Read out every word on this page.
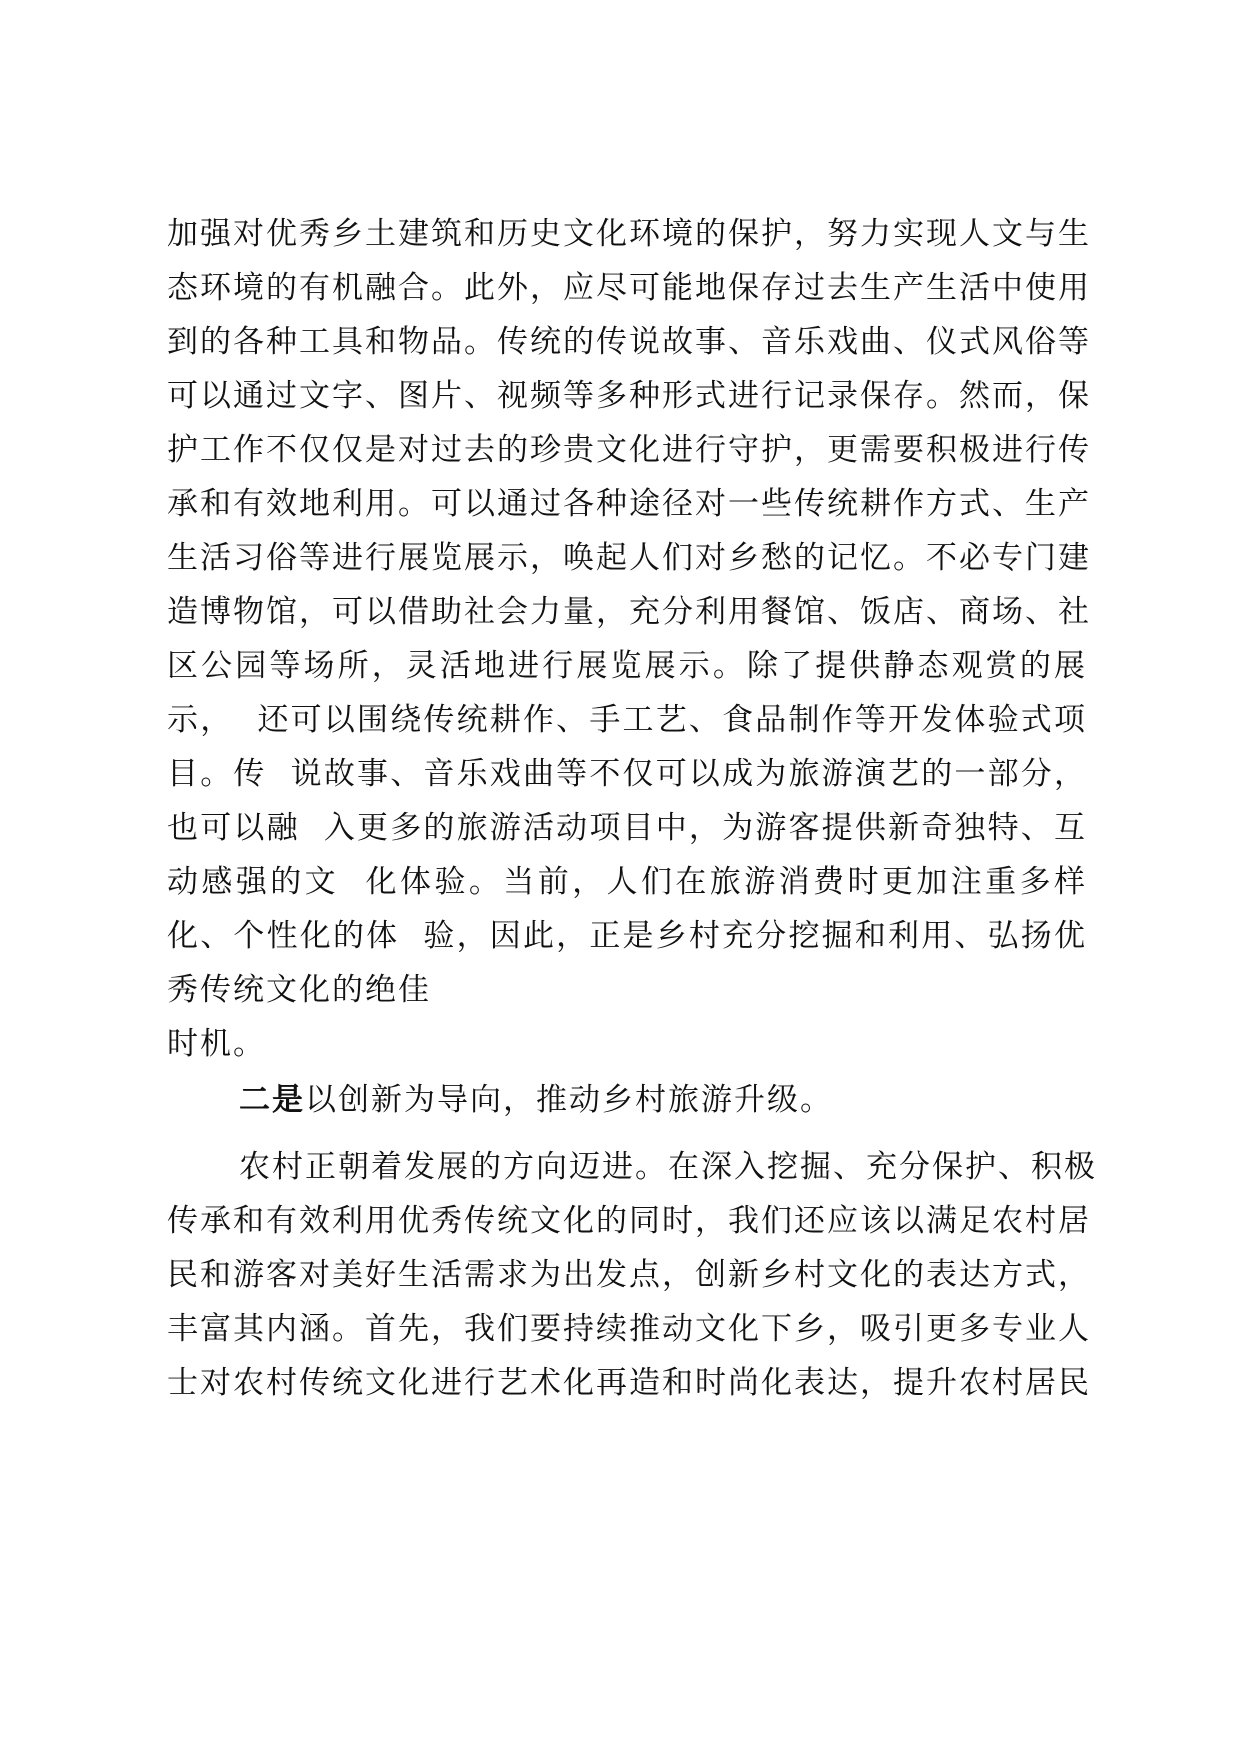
加强对优秀乡土建筑和历史文化环境的保护，努力实现人文与生
态环境的有机融合。此外，应尽可能地保存过去生产生活中使用
到的各种工具和物品。传统的传说故事、音乐戏曲、仪式风俗等
可以通过文字、图片、视频等多种形式进行记录保存。然而，保
护工作不仅仅是对过去的珍贵文化进行守护，更需要积极进行传
承和有效地利用。可以通过各种途径对一些传统耕作方式、生产
生活习俗等进行展览展示，唤起人们对乡愁的记忆。不必专门建
造博物馆，可以借助社会力量，充分利用餐馆、饭店、商场、社
区公园等场所，灵活地进行展览展示。除了提供静态观赏的展
示，  还可以围绕传统耕作、手工艺、食品制作等开发体验式项
目。传  说故事、音乐戏曲等不仅可以成为旅游演艺的一部分，
也可以融  入更多的旅游活动项目中，为游客提供新奇独特、互
动感强的文  化体验。当前，人们在旅游消费时更加注重多样
化、个性化的体  验，因此，正是乡村充分挖掘和利用、弘扬优
秀传统文化的绝佳
时机。
二是以创新为导向，推动乡村旅游升级。
农村正朝着发展的方向迈进。在深入挖掘、充分保护、积极
传承和有效利用优秀传统文化的同时，我们还应该以满足农村居
民和游客对美好生活需求为出发点，创新乡村文化的表达方式，
丰富其内涵。首先，我们要持续推动文化下乡，吸引更多专业人
士对农村传统文化进行艺术化再造和时尚化表达，提升农村居民
